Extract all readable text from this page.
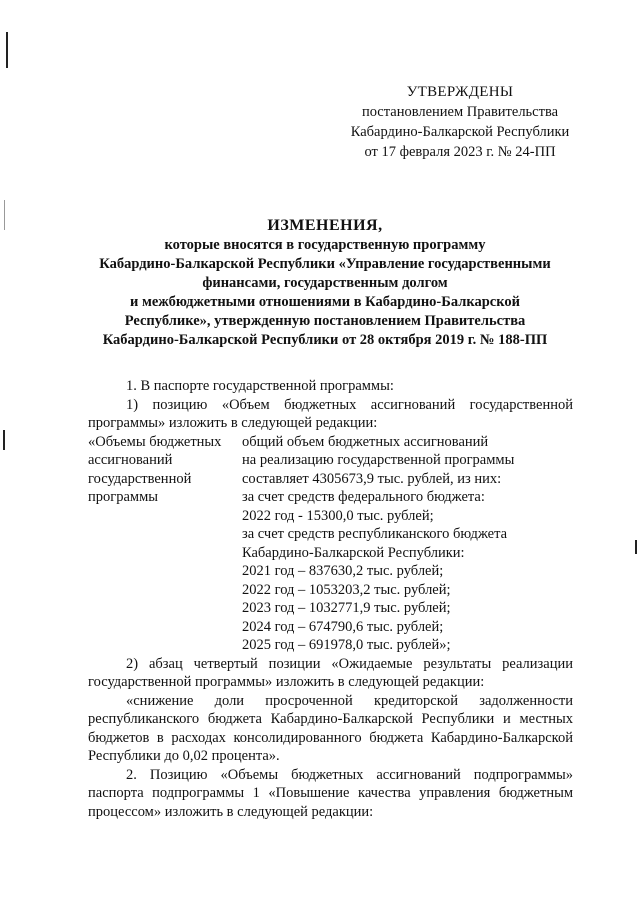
УТВЕРЖДЕНЫ
постановлением Правительства
Кабардино-Балкарской Республики
от 17 февраля 2023 г. № 24-ПП
ИЗМЕНЕНИЯ,
которые вносятся в государственную программу
Кабардино-Балкарской Республики «Управление государственными
финансами, государственным долгом
и межбюджетными отношениями в Кабардино-Балкарской
Республике», утвержденную постановлением Правительства
Кабардино-Балкарской Республики от 28 октября 2019 г. № 188-ПП

1. В паспорте государственной программы:

1) позицию «Объем бюджетных ассигнований государственной программы» изложить в следующей редакции:

«Объемы бюджетных
ассигнований
государственной
программы
общий объем бюджетных ассигнований
на реализацию государственной программы
составляет 4305673,9 тыс. рублей, из них:
за счет средств федерального бюджета:
2022 год - 15300,0 тыс. рублей;
за счет средств республиканского бюджета
Кабардино-Балкарской Республики:
2021 год – 837630,2 тыс. рублей;
2022 год – 1053203,2 тыс. рублей;
2023 год – 1032771,9 тыс. рублей;
2024 год – 674790,6 тыс. рублей;
2025 год – 691978,0 тыс. рублей»;

2) абзац четвертый позиции «Ожидаемые результаты реализации государственной программы» изложить в следующей редакции:

«снижение доли просроченной кредиторской задолженности республиканского бюджета Кабардино-Балкарской Республики и местных бюджетов в расходах консолидированного бюджета Кабардино-Балкарской Республики до 0,02 процента».

2. Позицию «Объемы бюджетных ассигнований подпрограммы» паспорта подпрограммы 1 «Повышение качества управления бюджетным процессом» изложить в следующей редакции:
